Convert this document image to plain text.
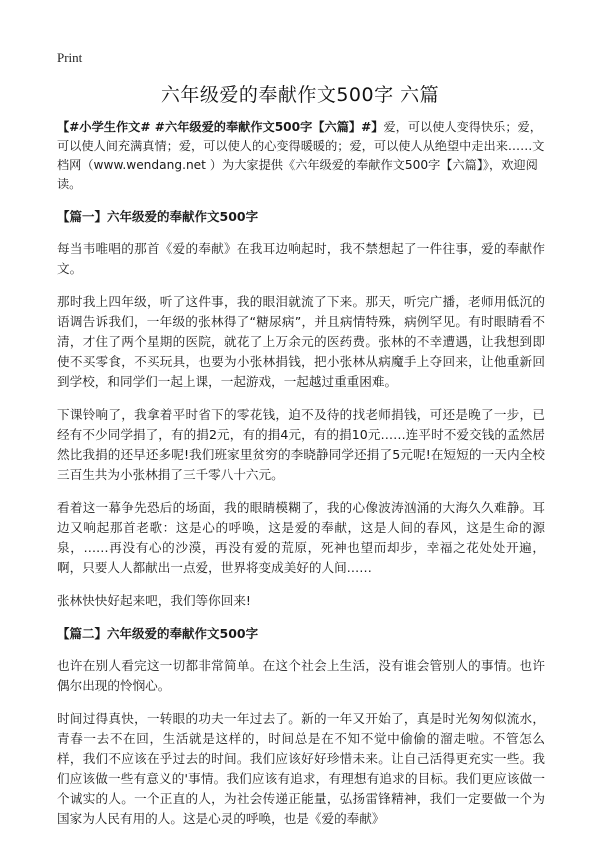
Print
六年级爱的奉献作文500字 六篇

【#小学生作文# #六年级爱的奉献作文500字【六篇】#】爱，可以使人变得快乐；爱，可以使人间充满真情；爱，可以使人的心变得暖暖的；爱，可以使人从绝望中走出来……文档网（www.wendang.net ）为大家提供《六年级爱的奉献作文500字【六篇】》，欢迎阅读。

【篇一】六年级爱的奉献作文500字

每当韦唯唱的那首《爱的奉献》在我耳边响起时，我不禁想起了一件往事，爱的奉献作文。

那时我上四年级，听了这件事，我的眼泪就流了下来。那天，听完广播，老师用低沉的语调告诉我们，一年级的张林得了“糖尿病”，并且病情特殊，病例罕见。有时眼睛看不清，才住了两个星期的医院，就花了上万余元的医药费。张林的不幸遭遇，让我想到即使不买零食，不买玩具，也要为小张林捐钱，把小张林从病魔手上夺回来，让他重新回到学校，和同学们一起上课，一起游戏，一起越过重重困难。

下课铃响了，我拿着平时省下的零花钱，迫不及待的找老师捐钱，可还是晚了一步，已经有不少同学捐了，有的捐2元，有的捐4元，有的捐10元……连平时不爱交钱的孟然居然比我捐的还早还多呢!我们班家里贫穷的李晓静同学还捐了5元呢!在短短的一天内全校三百生共为小张林捐了三千零八十六元。

看着这一幕争先恐后的场面，我的眼睛模糊了，我的心像波涛汹涌的大海久久难静。耳边又响起那首老歌：这是心的呼唤，这是爱的奉献，这是人间的春风，这是生命的源泉，……再没有心的沙漠，再没有爱的荒原，死神也望而却步，幸福之花处处开遍，啊，只要人人都献出一点爱，世界将变成美好的人间……

张林快快好起来吧，我们等你回来!

【篇二】六年级爱的奉献作文500字

也许在别人看完这一切都非常简单。在这个社会上生活，没有谁会管别人的事情。也许偶尔出现的怜悯心。

时间过得真快，一转眼的功夫一年过去了。新的一年又开始了，真是时光匆匆似流水，青春一去不在回，生活就是这样的，时间总是在不知不觉中偷偷的溜走啦。不管怎么样，我们不应该在乎过去的时间。我们应该好好珍惜未来。让自己活得更充实一些。我们应该做一些有意义的'事情。我们应该有追求，有理想有追求的目标。我们更应该做一个诚实的人。一个正直的人，为社会传递正能量，弘扬雷锋精神，我们一定要做一个为国家为人民有用的人。这是心灵的呼唤，也是《爱的奉献》
